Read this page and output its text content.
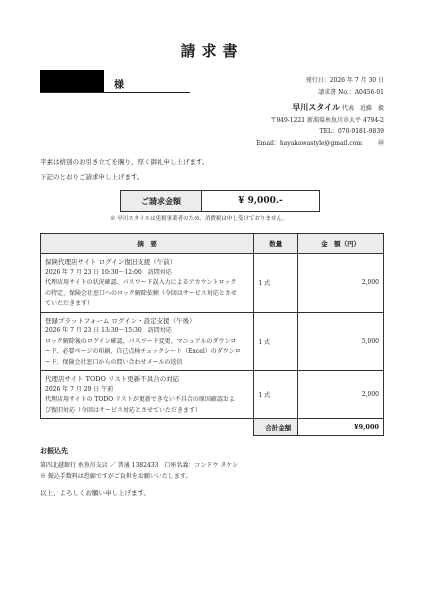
請求書
様	発行日：2026 年 7 月 30 日
請求書 No.：A0456-01
早川スタイル 代表　近藤　毅
〒949-1221 新潟県糸魚川市大平 4794-2
TEL：070-9181-9839
Email：hayakawastyle@gmail.com	㊞
平素は格別のお引き立てを賜り、厚く御礼申し上げます。
下記のとおりご請求申し上げます。
ご請求金額	¥ 9,000.-
※ 早川スタイルは免税事業者のため、消費税は申し受けておりません。
摘　要	数量	金　額（円）

保険代理店サイト ログイン復旧支援（午前）
2026 年 7 月 23 日 10:30～12:00　訪問対応
代理店用サイトの状況確認、パスワード誤入力によるアカウントロック
の特定、保険会社窓口へのロック解除依頼（今回はサービス対応とさせ
ていただきます）	1 式	2,000

登録プラットフォーム ログイン・設定支援（午後）
2026 年 7 月 23 日 13:30～15:30　訪問対応
ロック解除後のログイン確認、パスワード変更、マニュアルのダウンロ
ード、必要ページの印刷、自己点検チェックシート（Excel）のダウンロ
ード、保険会社窓口からの問い合わせメールの返信	1 式	5,000

代理店サイト TODO リスト更新不具合の対応
2026 年 7 月 29 日 午前
代理店用サイトの TODO リストが更新できない不具合の原因確認およ
び復旧対応（今回はサービス対応とさせていただきます）	1 式	2,000
	合計金額	¥9,000
お振込先
第四北越銀行 糸魚川支店 ／ 普通 1382433　口座名義：コンドウ タケシ
※ 振込手数料は恐縮ですがご負担をお願いいたします。
以上、よろしくお願い申し上げます。
